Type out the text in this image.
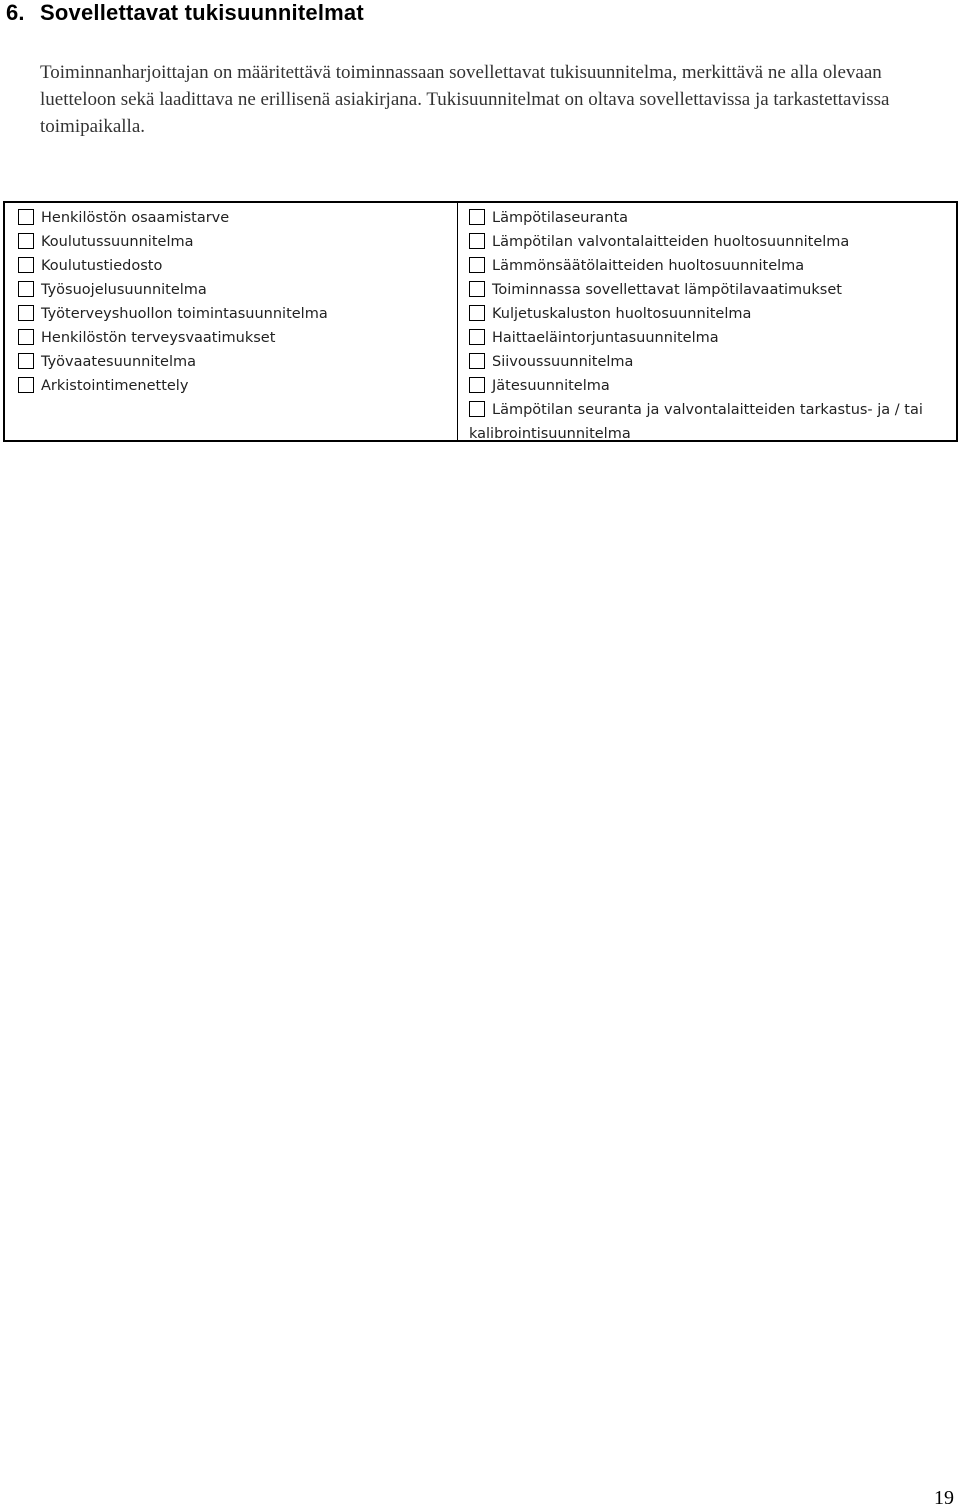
6. Sovellettavat tukisuunnitelmat

Toiminnanharjoittajan on määritettävä toiminnassaan sovellettavat tukisuunnitelma, merkittävä ne alla olevaan luetteloon sekä laadittava ne erillisenä asiakirjana. Tukisuunnitelmat on oltava sovellettavissa ja tarkastettavissa toimipaikalla.

Henkilöstön osaamistarve
Koulutussuunnitelma
Koulutustiedosto
Työsuojelusuunnitelma
Työterveyshuollon toimintasuunnitelma
Henkilöstön terveysvaatimukset
Työvaatesuunnitelma
Arkistointimenettely
Lämpötilaseuranta
Lämpötilan valvontalaitteiden huoltosuunnitelma
Lämmönsäätölaitteiden huoltosuunnitelma
Toiminnassa sovellettavat lämpötilavaatimukset
Kuljetuskaluston huoltosuunnitelma
Haittaeläintorjuntasuunnitelma
Siivoussuunnitelma
Jätesuunnitelma
Lämpötilan seuranta ja valvontalaitteiden tarkastus- ja / tai kalibrointisuunnitelma
19
